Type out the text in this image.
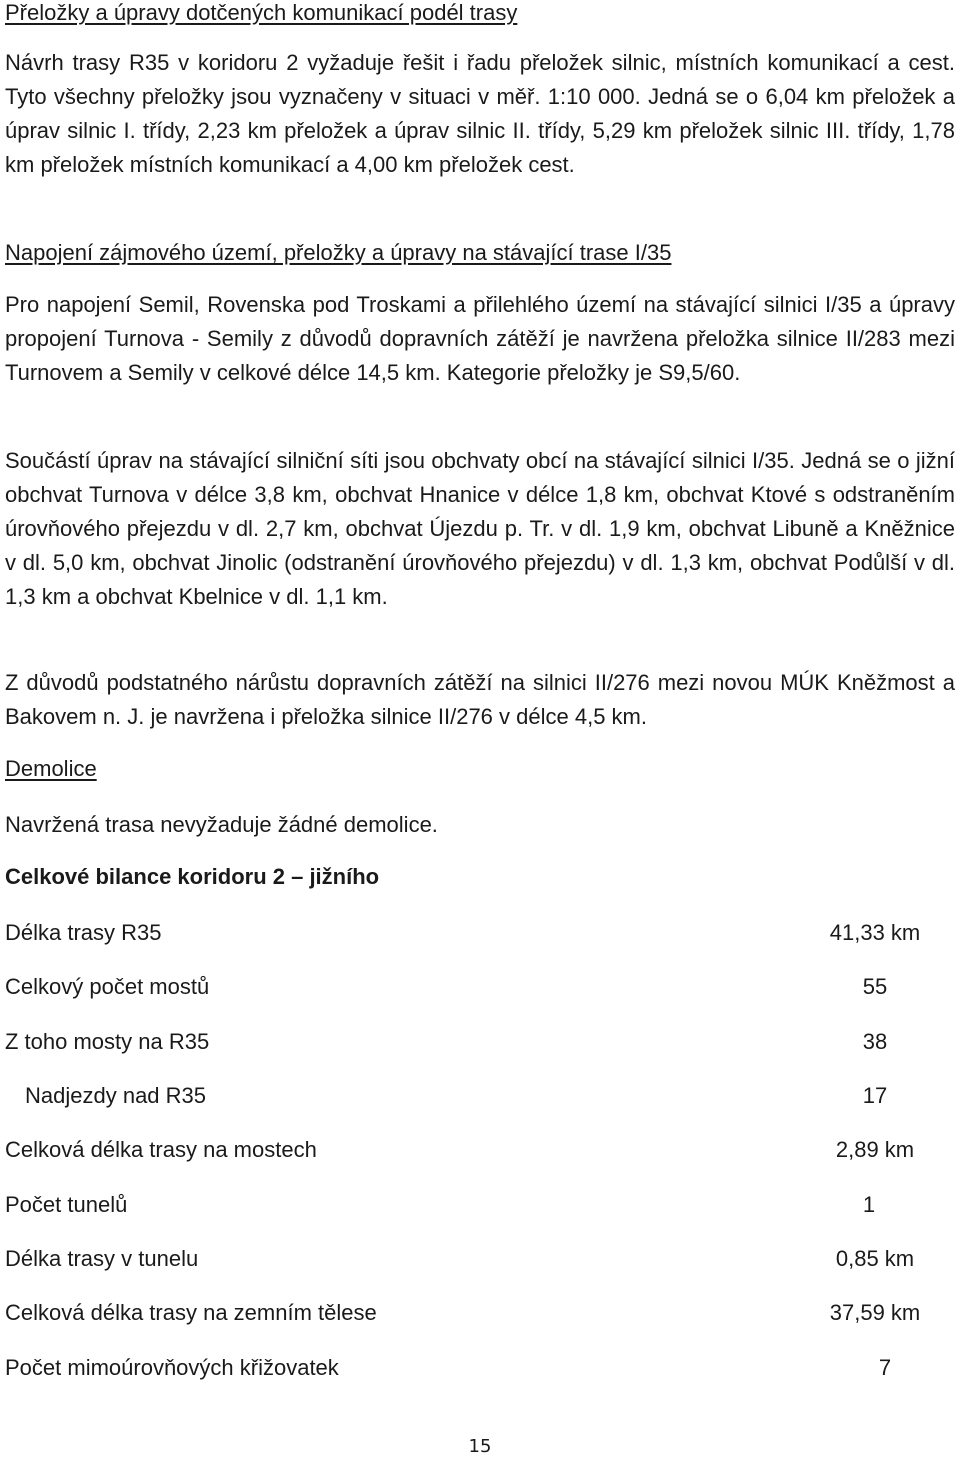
Přeložky a úpravy dotčených komunikací podél trasy

Návrh trasy R35 v koridoru 2 vyžaduje řešit i řadu přeložek silnic, místních komunikací a cest. Tyto všechny přeložky jsou vyznačeny v situaci v měř. 1:10 000. Jedná se o 6,04 km přeložek a úprav silnic I. třídy, 2,23 km přeložek a úprav silnic II. třídy, 5,29 km přeložek silnic III. třídy, 1,78 km přeložek místních komunikací a 4,00 km přeložek cest.

Napojení zájmového území, přeložky a úpravy na stávající trase I/35

Pro napojení Semil, Rovenska pod Troskami a přilehlého území na stávající silnici I/35 a úpravy propojení Turnova - Semily z důvodů dopravních zátěží je navržena přeložka silnice II/283 mezi Turnovem a Semily v celkové délce 14,5 km. Kategorie přeložky je S9,5/60.

Součástí úprav na stávající silniční síti jsou obchvaty obcí na stávající silnici I/35. Jedná se o jižní obchvat Turnova v délce 3,8 km, obchvat Hnanice v délce 1,8 km, obchvat Ktové s odstraněním úrovňového přejezdu v dl. 2,7 km, obchvat Újezdu p. Tr. v dl. 1,9 km, obchvat Libuně a Kněžnice v dl. 5,0 km, obchvat Jinolic (odstranění úrovňového přejezdu) v dl. 1,3 km, obchvat Podůlší v dl. 1,3 km a obchvat Kbelnice v dl. 1,1 km.

Z důvodů podstatného nárůstu dopravních zátěží na silnici II/276 mezi novou MÚK Kněžmost a Bakovem n. J. je navržena i přeložka silnice II/276 v délce 4,5 km.

Demolice

Navržená trasa nevyžaduje žádné demolice.

Celkové bilance koridoru 2 – jižního
Délka trasy R35	41,33 km
Celkový počet mostů	55
Z toho mosty na R35	38
Nadjezdy nad R35	17
Celková délka trasy na mostech	2,89 km
Počet tunelů	1
Délka trasy v tunelu	0,85 km
Celková délka trasy na zemním tělese	37,59 km
Počet mimoúrovňových křižovatek	7
15
